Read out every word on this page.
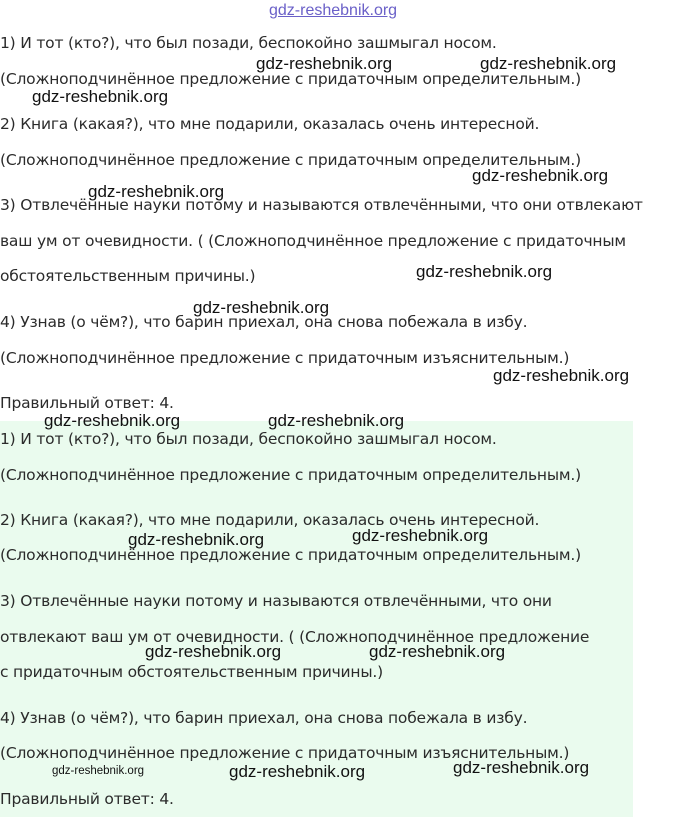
gdz-reshebnik.org
1) И тот (кто?), что был позади, беспокойно зашмыгал носом.
(Сложноподчинённое предложение с придаточным определительным.)
2) Книга (какая?), что мне подарили, оказалась очень интересной.
(Сложноподчинённое предложение с придаточным определительным.)
3) Отвлечённые науки потому и называются отвлечёнными, что они отвлекают
ваш ум от очевидности. ( (Сложноподчинённое предложение с придаточным
обстоятельственным причины.)
4) Узнав (о чём?), что барин приехал, она снова побежала в избу.
(Сложноподчинённое предложение с придаточным изъяснительным.)
Правильный ответ: 4.
1) И тот (кто?), что был позади, беспокойно зашмыгал носом.
(Сложноподчинённое предложение с придаточным определительным.)
2) Книга (какая?), что мне подарили, оказалась очень интересной.
(Сложноподчинённое предложение с придаточным определительным.)
3) Отвлечённые науки потому и называются отвлечёнными, что они
отвлекают ваш ум от очевидности. ( (Сложноподчинённое предложение
с придаточным обстоятельственным причины.)
4) Узнав (о чём?), что барин приехал, она снова побежала в избу.
(Сложноподчинённое предложение с придаточным изъяснительным.)
Правильный ответ: 4.
gdz-reshebnik.org	gdz-reshebnik.org
gdz-reshebnik.org
gdz-reshebnik.org
gdz-reshebnik.org
gdz-reshebnik.org
gdz-reshebnik.org
gdz-reshebnik.org
gdz-reshebnik.org	gdz-reshebnik.org
gdz-reshebnik.org	gdz-reshebnik.org
gdz-reshebnik.org	gdz-reshebnik.org
gdz-reshebnik.org	gdz-reshebnik.org	gdz-reshebnik.org
